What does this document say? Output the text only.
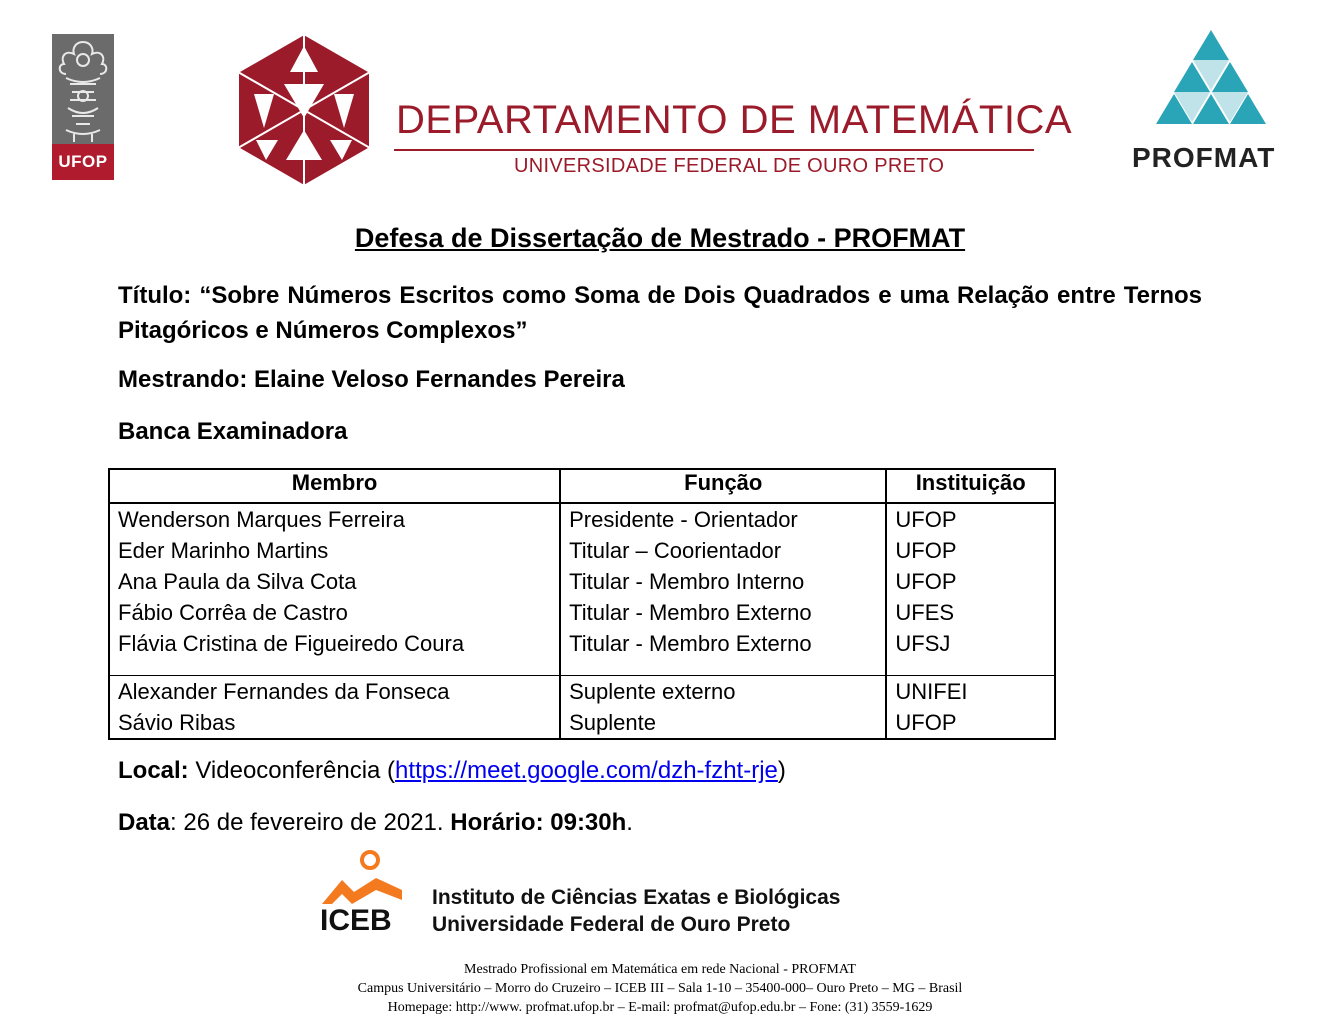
UFOP
DEPARTAMENTO DE MATEMÁTICA
UNIVERSIDADE FEDERAL DE OURO PRETO	PROFMAT
Defesa de Dissertação de Mestrado - PROFMAT
Título: “Sobre Números Escritos como Soma de Dois Quadrados e uma Relação entre Ternos Pitagóricos e Números Complexos”
Mestrando: Elaine Veloso Fernandes Pereira
Banca Examinadora
Membro	Função	Instituição
Wenderson Marques Ferreira	Presidente - Orientador	UFOP
Eder Marinho Martins	Titular – Coorientador	UFOP
Ana Paula da Silva Cota	Titular - Membro Interno	UFOP
Fábio Corrêa de Castro	Titular - Membro Externo	UFES
Flávia Cristina de Figueiredo Coura	Titular - Membro Externo	UFSJ
Alexander Fernandes da Fonseca	Suplente externo	UNIFEI
Sávio Ribas	Suplente	UFOP
Local: Videoconferência (https://meet.google.com/dzh-fzht-rje)
Data: 26 de fevereiro de 2021. Horário: 09:30h.
ICEB
Instituto de Ciências Exatas e Biológicas
Universidade Federal de Ouro Preto
Mestrado Profissional em Matemática em rede Nacional - PROFMAT
Campus Universitário – Morro do Cruzeiro – ICEB III – Sala 1-10 – 35400-000– Ouro Preto – MG – Brasil
Homepage: http://www. profmat.ufop.br – E-mail: profmat@ufop.edu.br – Fone: (31) 3559-1629
